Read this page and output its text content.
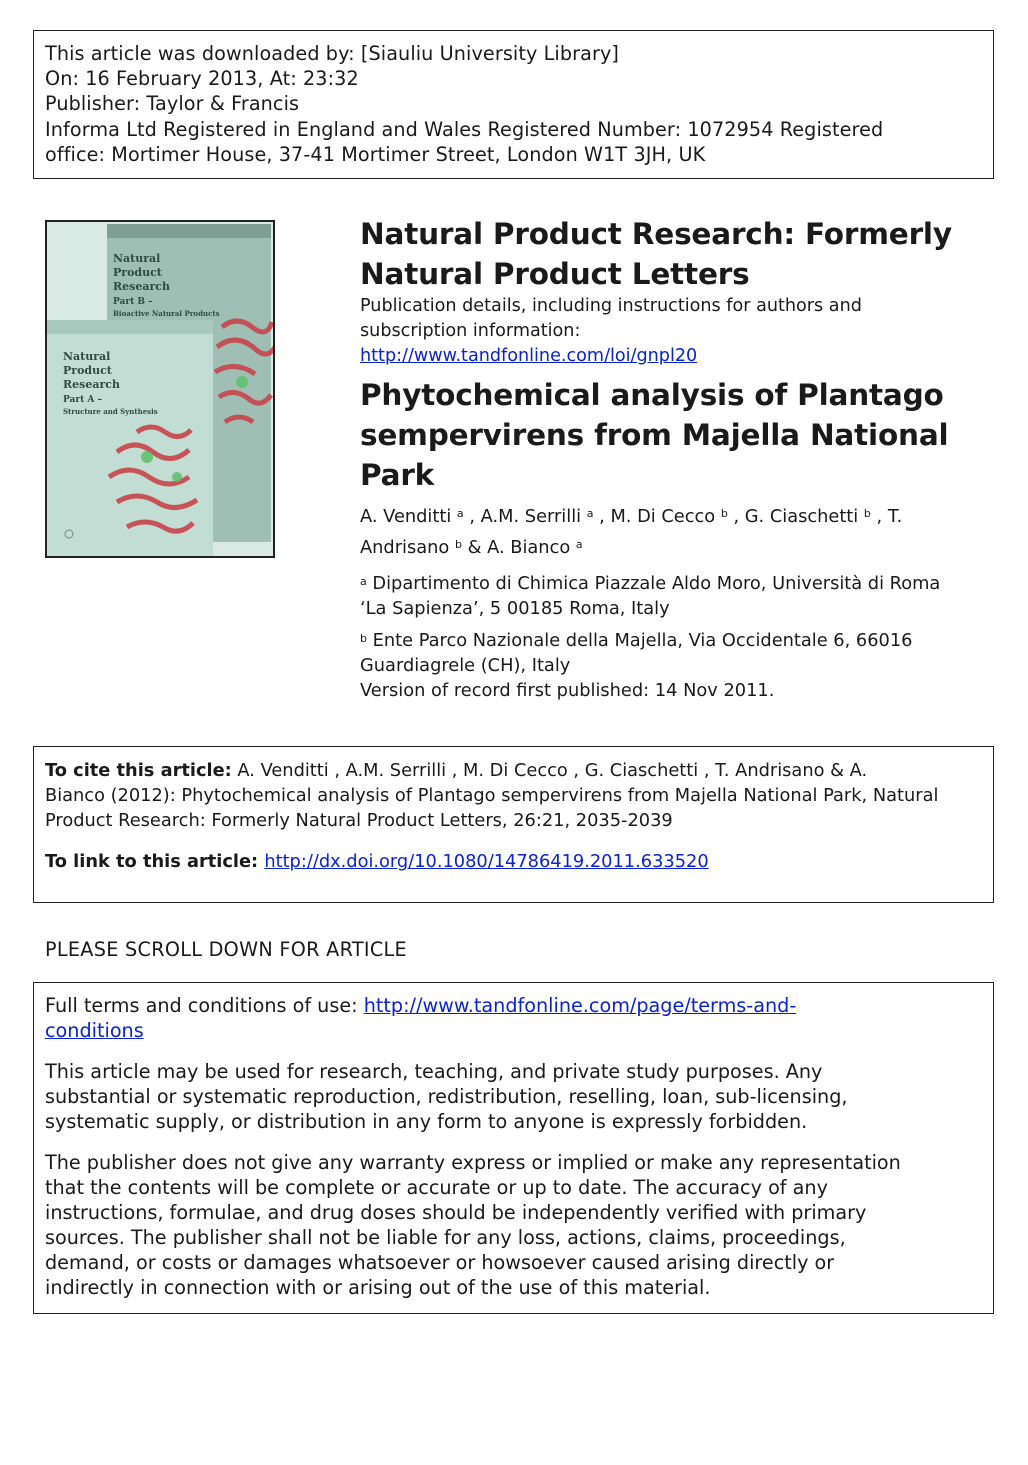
This article was downloaded by: [Siauliu University Library]
On: 16 February 2013, At: 23:32
Publisher: Taylor & Francis
Informa Ltd Registered in England and Wales Registered Number: 1072954 Registered
office: Mortimer House, 37-41 Mortimer Street, London W1T 3JH, UK
Natural
Product
Research
Part B –
Bioactive Natural Products
Natural
Product
Research
Part A –
Structure and Synthesis
Natural Product Research: Formerly
Natural Product Letters
Publication details, including instructions for authors and
subscription information:
http://www.tandfonline.com/loi/gnpl20
Phytochemical analysis of Plantago
sempervirens from Majella National
Park
A. Venditti $^a$ , A.M. Serrilli $^a$ , M. Di Cecco $^b$ , G. Ciaschetti $^b$ , T.
Andrisano $^b$ & A. Bianco $^a$
$^a$ Dipartimento di Chimica Piazzale Aldo Moro, Università di Roma
‘La Sapienza’, 5 00185 Roma, Italy
$^b$ Ente Parco Nazionale della Majella, Via Occidentale 6, 66016
Guardiagrele (CH), Italy
Version of record first published: 14 Nov 2011.
To cite this article: A. Venditti , A.M. Serrilli , M. Di Cecco , G. Ciaschetti , T. Andrisano & A.
Bianco (2012): Phytochemical analysis of Plantago sempervirens from Majella National Park, Natural
Product Research: Formerly Natural Product Letters, 26:21, 2035-2039
To link to this article: http://dx.doi.org/10.1080/14786419.2011.633520
PLEASE SCROLL DOWN FOR ARTICLE
Full terms and conditions of use: http://www.tandfonline.com/page/terms-and-
conditions
This article may be used for research, teaching, and private study purposes. Any
substantial or systematic reproduction, redistribution, reselling, loan, sub-licensing,
systematic supply, or distribution in any form to anyone is expressly forbidden.
The publisher does not give any warranty express or implied or make any representation
that the contents will be complete or accurate or up to date. The accuracy of any
instructions, formulae, and drug doses should be independently verified with primary
sources. The publisher shall not be liable for any loss, actions, claims, proceedings,
demand, or costs or damages whatsoever or howsoever caused arising directly or
indirectly in connection with or arising out of the use of this material.
